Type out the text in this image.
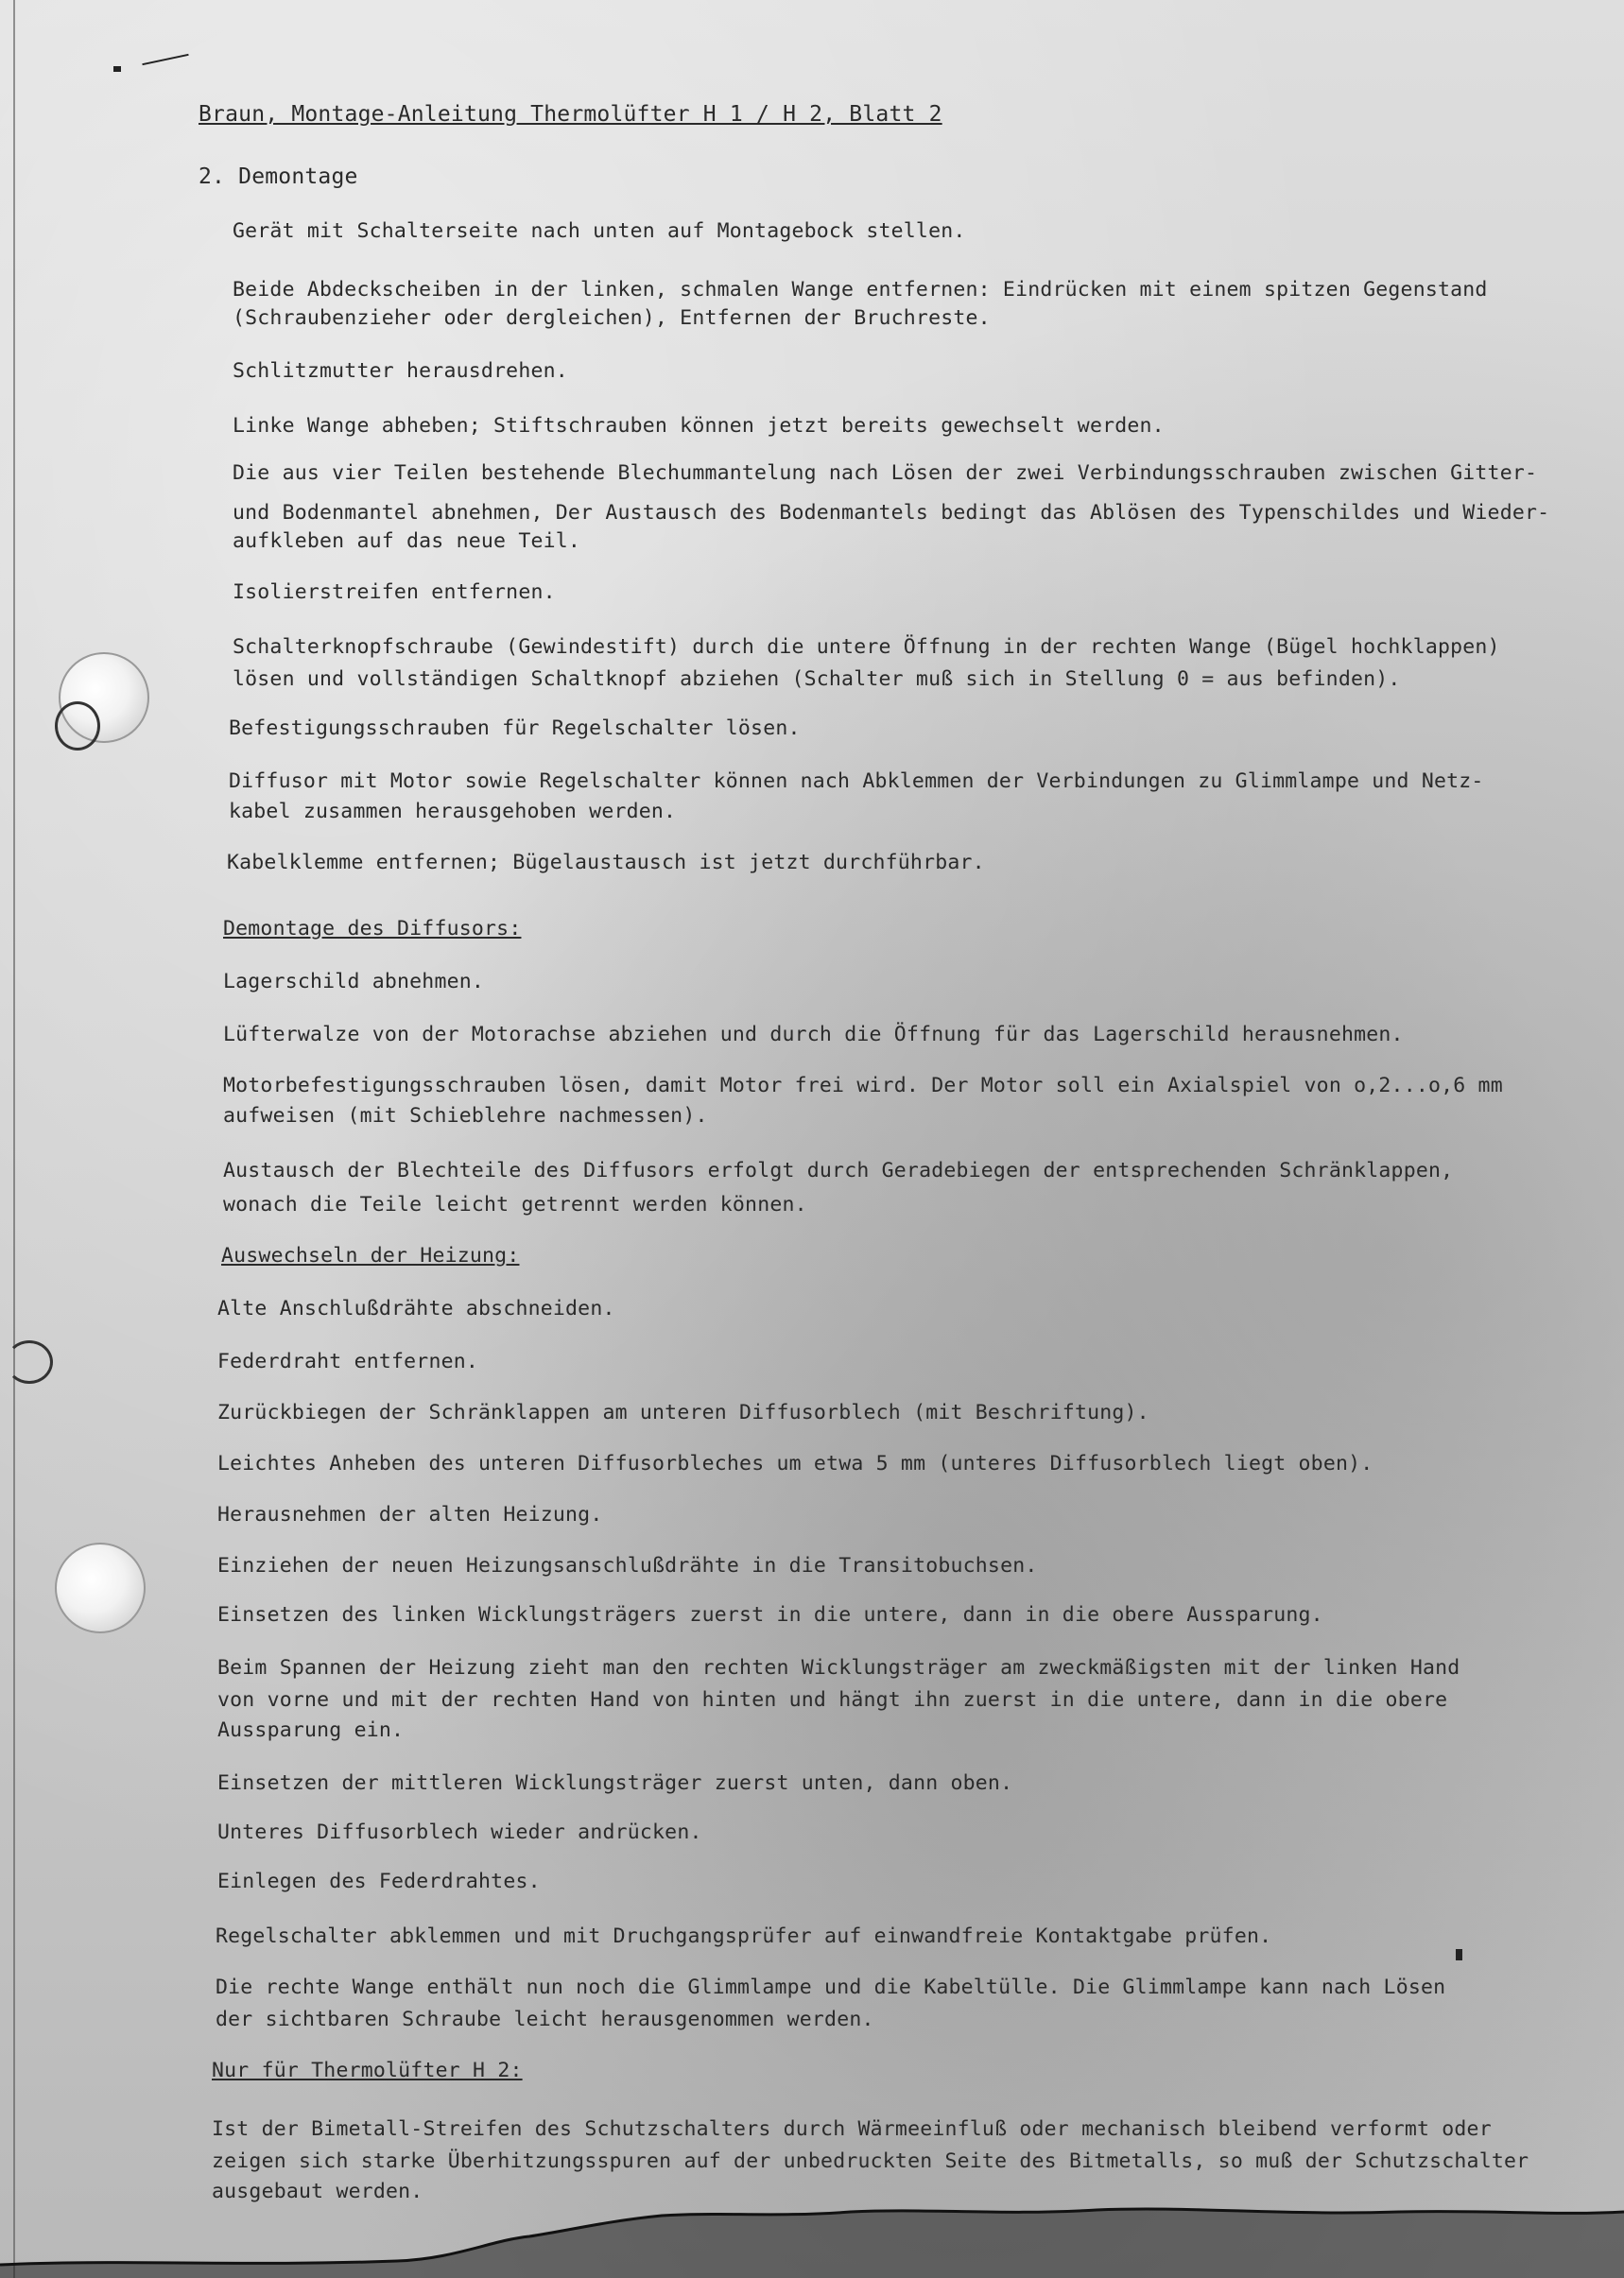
Braun, Montage-Anleitung Thermolüfter H 1 / H 2, Blatt 2
2. Demontage
Gerät mit Schalterseite nach unten auf Montagebock stellen.
Beide Abdeckscheiben in der linken, schmalen Wange entfernen: Eindrücken mit einem spitzen Gegenstand
(Schraubenzieher oder dergleichen), Entfernen der Bruchreste.
Schlitzmutter herausdrehen.
Linke Wange abheben; Stiftschrauben können jetzt bereits gewechselt werden.
Die aus vier Teilen bestehende Blechummantelung nach Lösen der zwei Verbindungsschrauben zwischen Gitter-
und Bodenmantel abnehmen, Der Austausch des Bodenmantels bedingt das Ablösen des Typenschildes und Wieder-
aufkleben auf das neue Teil.
Isolierstreifen entfernen.
Schalterknopfschraube (Gewindestift) durch die untere Öffnung in der rechten Wange (Bügel hochklappen)
lösen und vollständigen Schaltknopf abziehen (Schalter muß sich in Stellung 0 = aus befinden).
Befestigungsschrauben für Regelschalter lösen.
Diffusor mit Motor sowie Regelschalter können nach Abklemmen der Verbindungen zu Glimmlampe und Netz-
kabel zusammen herausgehoben werden.
Kabelklemme entfernen; Bügelaustausch ist jetzt durchführbar.
Demontage des Diffusors:
Lagerschild abnehmen.
Lüfterwalze von der Motorachse abziehen und durch die Öffnung für das Lagerschild herausnehmen.
Motorbefestigungsschrauben lösen, damit Motor frei wird. Der Motor soll ein Axialspiel von o,2...o,6 mm
aufweisen (mit Schieblehre nachmessen).
Austausch der Blechteile des Diffusors erfolgt durch Geradebiegen der entsprechenden Schränklappen,
wonach die Teile leicht getrennt werden können.
Auswechseln der Heizung:
Alte Anschlußdrähte abschneiden.
Federdraht entfernen.
Zurückbiegen der Schränklappen am unteren Diffusorblech (mit Beschriftung).
Leichtes Anheben des unteren Diffusorbleches um etwa 5 mm (unteres Diffusorblech liegt oben).
Herausnehmen der alten Heizung.
Einziehen der neuen Heizungsanschlußdrähte in die Transitobuchsen.
Einsetzen des linken Wicklungsträgers zuerst in die untere, dann in die obere Aussparung.
Beim Spannen der Heizung zieht man den rechten Wicklungsträger am zweckmäßigsten mit der linken Hand
von vorne und mit der rechten Hand von hinten und hängt ihn zuerst in die untere, dann in die obere
Aussparung ein.
Einsetzen der mittleren Wicklungsträger zuerst unten, dann oben.
Unteres Diffusorblech wieder andrücken.
Einlegen des Federdrahtes.
Regelschalter abklemmen und mit Druchgangsprüfer auf einwandfreie Kontaktgabe prüfen.
Die rechte Wange enthält nun noch die Glimmlampe und die Kabeltülle. Die Glimmlampe kann nach Lösen
der sichtbaren Schraube leicht herausgenommen werden.
Nur für Thermolüfter H 2:
Ist der Bimetall-Streifen des Schutzschalters durch Wärmeeinfluß oder mechanisch bleibend verformt oder
zeigen sich starke Überhitzungsspuren auf der unbedruckten Seite des Bitmetalls, so muß der Schutzschalter
ausgebaut werden.
